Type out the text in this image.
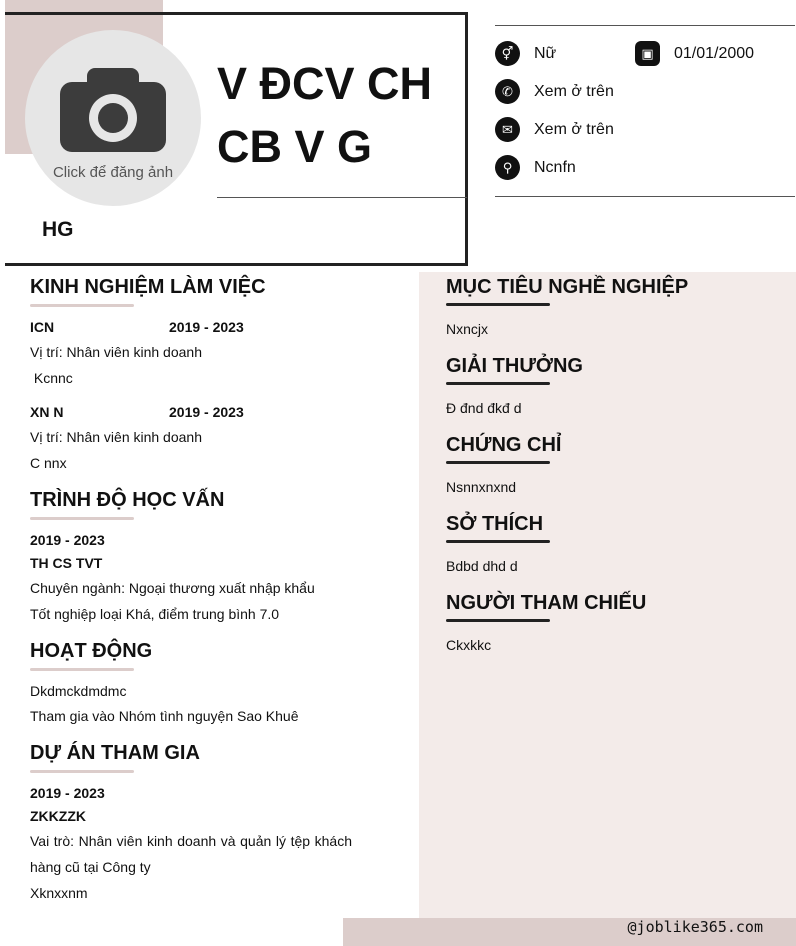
Click để đăng ảnh
V ĐCV CH
CB V G
HG
⚥	Nữ	▣	01/01/2000
✆	Xem ở trên
✉	Xem ở trên
⚲	Ncnfn
KINH NGHIỆM LÀM VIỆC
ICN	2019 - 2023
Vị trí: Nhân viên kinh doanh
Kcnnc
XN N	2019 - 2023
Vị trí: Nhân viên kinh doanh
C nnx
TRÌNH ĐỘ HỌC VẤN
2019 - 2023
TH CS TVT
Chuyên ngành: Ngoại thương xuất nhập khẩu
Tốt nghiệp loại Khá, điểm trung bình 7.0
HOẠT ĐỘNG
Dkdmckdmdmc
Tham gia vào Nhóm tình nguyện Sao Khuê
DỰ ÁN THAM GIA
2019 - 2023
ZKKZZK
Vai trò: Nhân viên kinh doanh và quản lý tệp khách hàng cũ tại Công ty
Xknxxnm
MỤC TIÊU NGHỀ NGHIỆP
Nxncjx
GIẢI THƯỞNG
Đ đnd đkđ d
CHỨNG CHỈ
Nsnnxnxnd
SỞ THÍCH
Bdbd dhd d
NGƯỜI THAM CHIẾU
Ckxkkc
@joblike365.com
